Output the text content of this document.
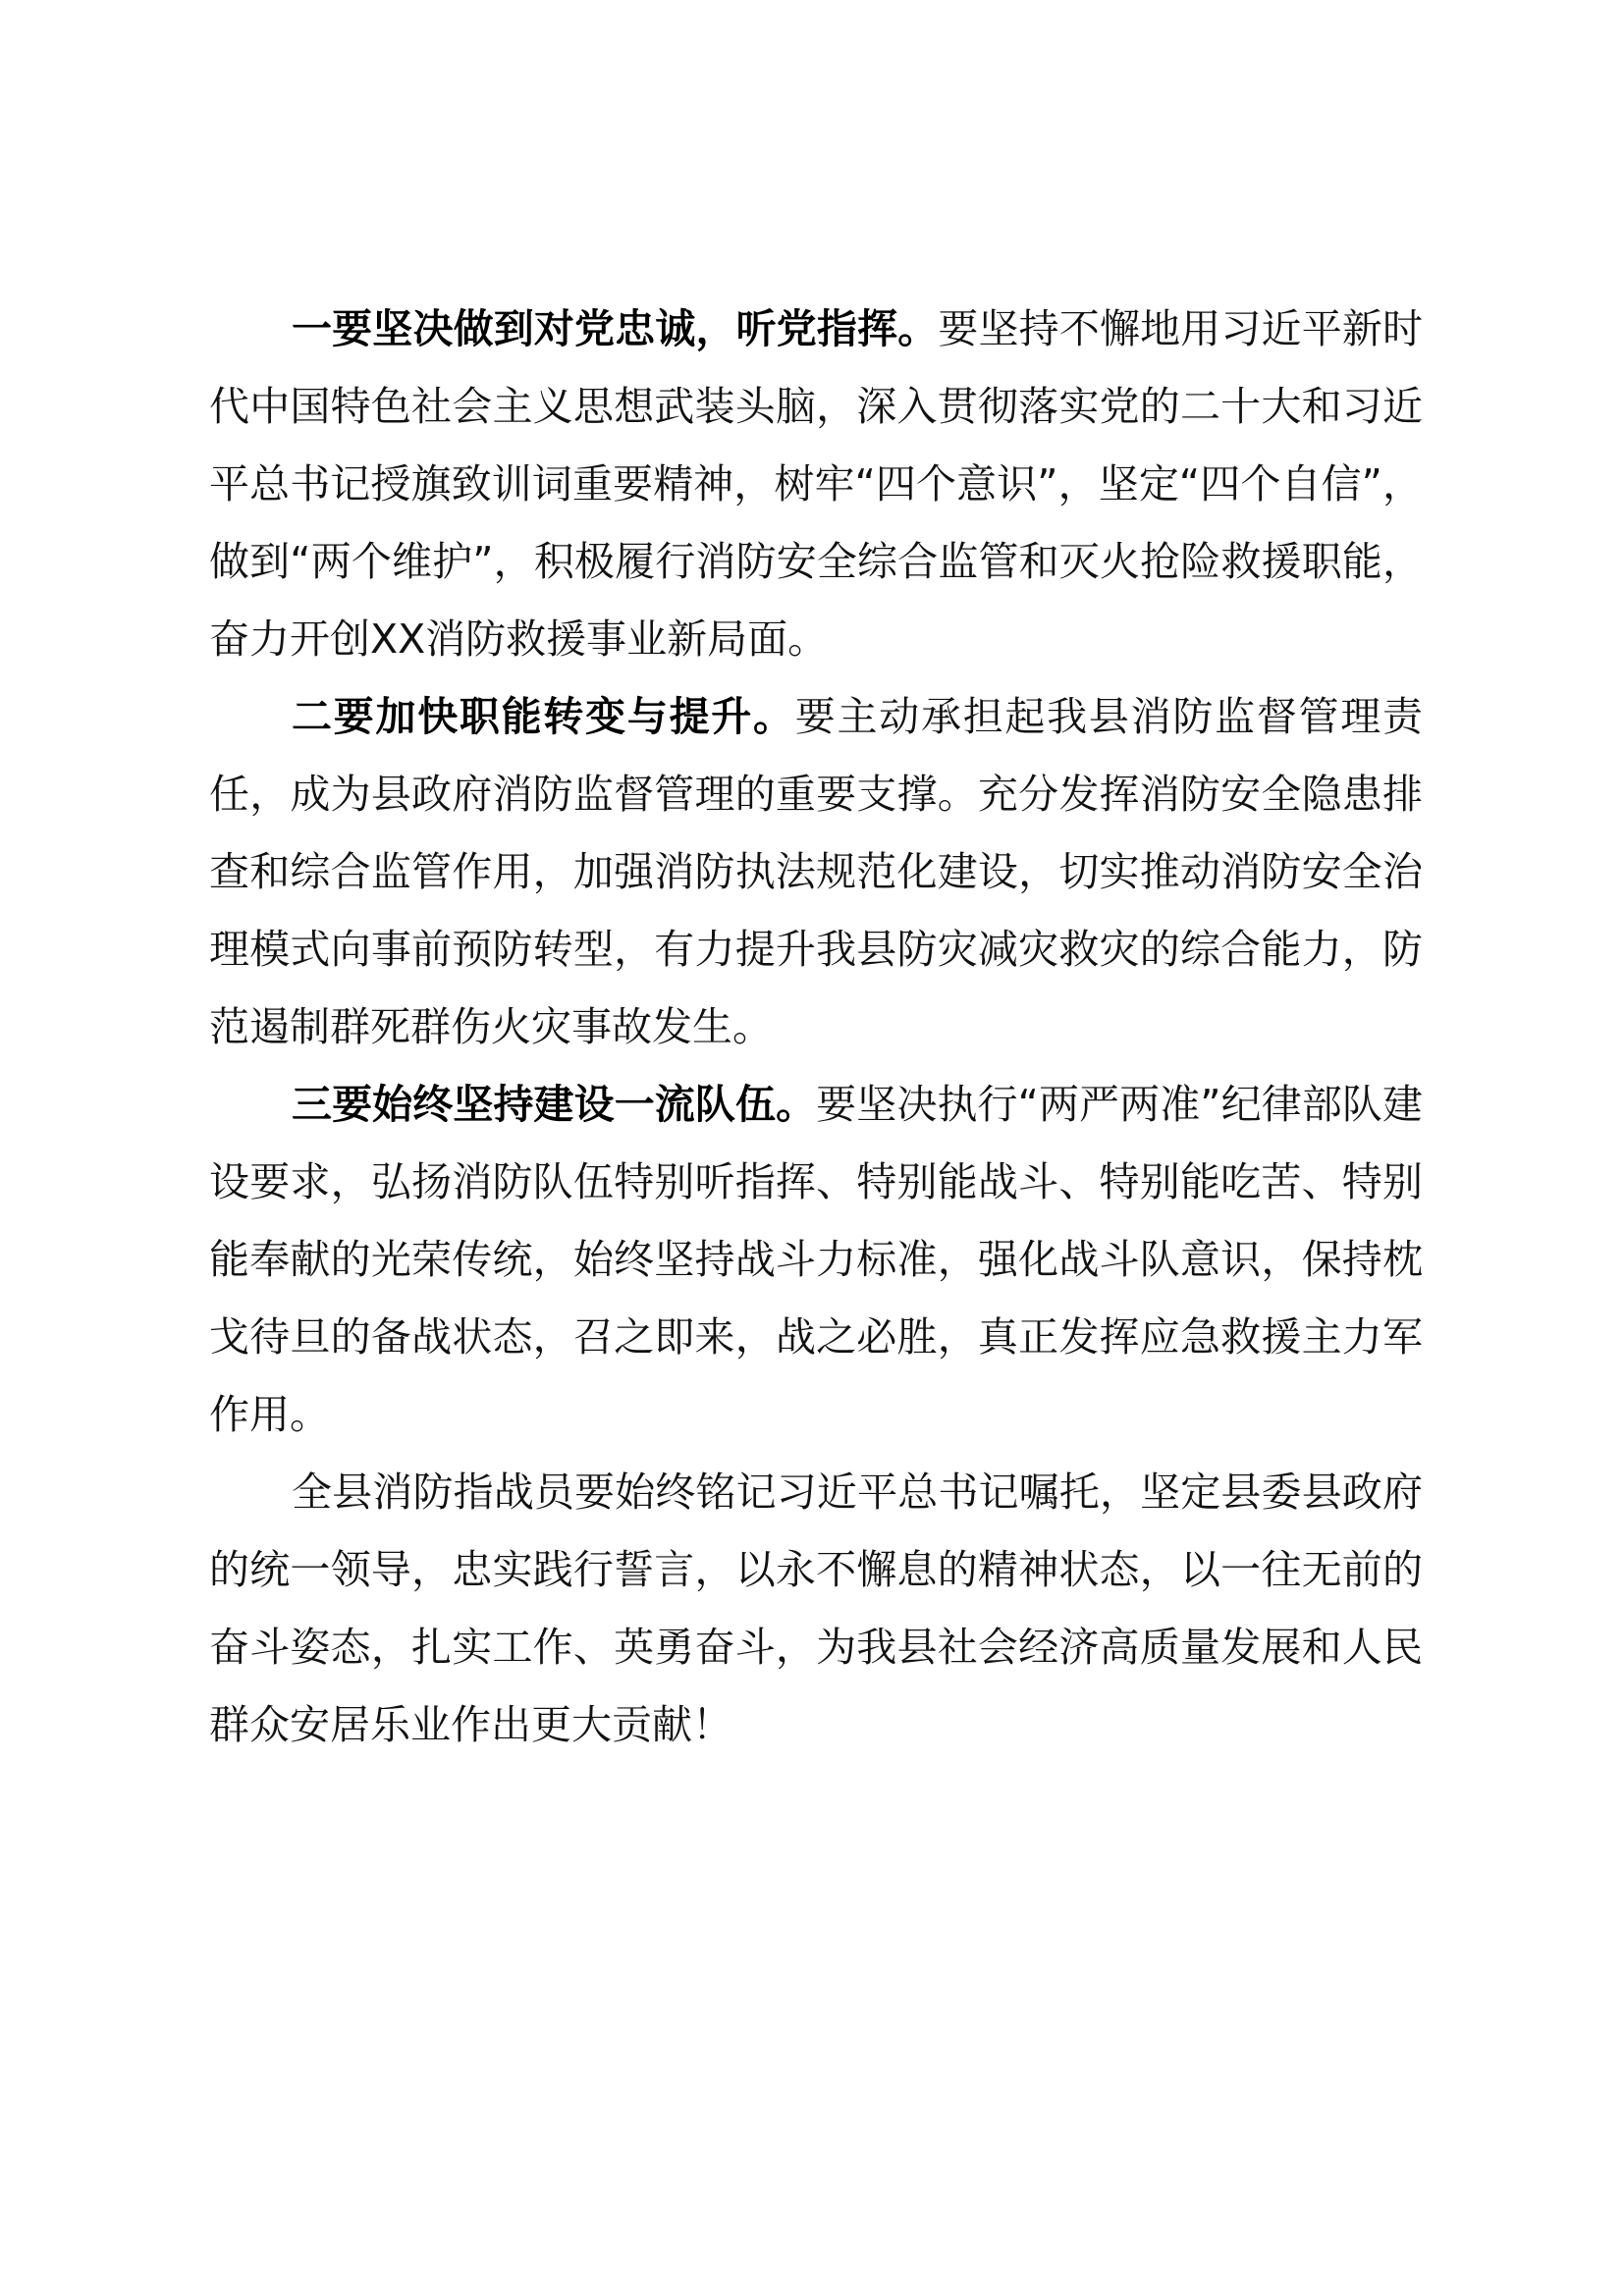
一要坚决做到对党忠诚，听党指挥。要坚持不懈地用习近平新时代中国特色社会主义思想武装头脑，深入贯彻落实党的二十大和习近平总书记授旗致训词重要精神，树牢“四个意识”，坚定“四个自信”，做到“两个维护”，积极履行消防安全综合监管和灭火抢险救援职能，奋力开创XX消防救援事业新局面。

二要加快职能转变与提升。要主动承担起我县消防监督管理责任，成为县政府消防监督管理的重要支撑。充分发挥消防安全隐患排查和综合监管作用，加强消防执法规范化建设，切实推动消防安全治理模式向事前预防转型，有力提升我县防灾减灾救灾的综合能力，防范遏制群死群伤火灾事故发生。

三要始终坚持建设一流队伍。要坚决执行“两严两准”纪律部队建设要求，弘扬消防队伍特别听指挥、特别能战斗、特别能吃苦、特别能奉献的光荣传统，始终坚持战斗力标准，强化战斗队意识，保持枕戈待旦的备战状态，召之即来，战之必胜，真正发挥应急救援主力军作用。

全县消防指战员要始终铭记习近平总书记嘱托，坚定县委县政府的统一领导，忠实践行誓言，以永不懈息的精神状态，以一往无前的奋斗姿态，扎实工作、英勇奋斗，为我县社会经济高质量发展和人民群众安居乐业作出更大贡献！
